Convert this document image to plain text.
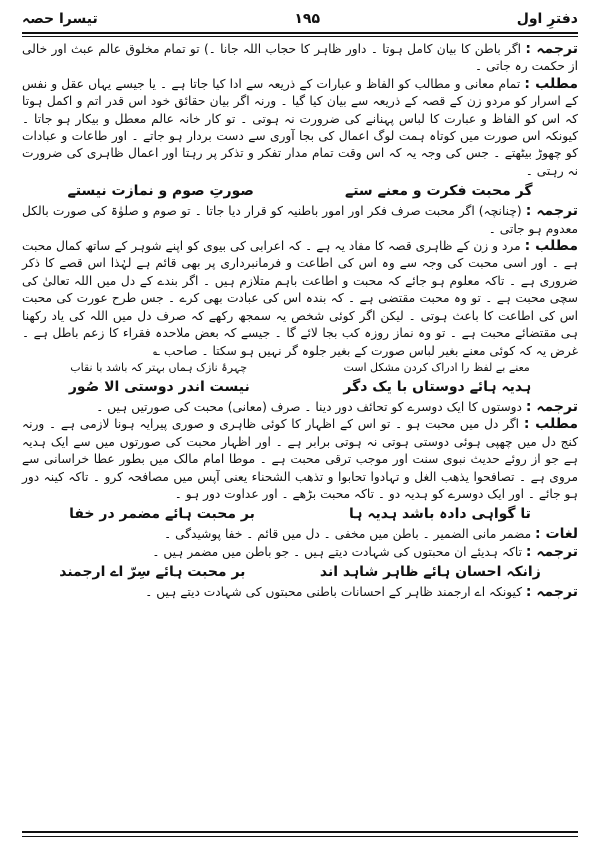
دفترِ اول
۱۹۵
تیسرا حصہ

ترجمہ : اگر باطن کا بیان کامل ہوتا ۔ داور ظاہر کا حجاب اللہ جانا ۔) تو تمام مخلوق عالم عبث اور خالی از حکمت رہ جاتی ۔

مطلب : تمام معانی و مطالب کو الفاظ و عبارات کے ذریعہ سے ادا کیا جاتا ہے ۔ یا جیسے یہاں عقل و نفس کے اسرار کو مردو زن کے قصہ کے ذریعہ سے بیان کیا گیا ۔ ورنہ اگر بیان حقائق خود اس قدر اتم و اکمل ہوتا کہ اس کو الفاظ و عبارت کا لباس پہنانے کی ضرورت نہ ہوتی ۔ تو کار خانہ عالم معطل و بیکار ہو جاتا ۔ کیونکہ اس صورت میں کوتاہ ہمت لوگ اعمال کی بجا آوری سے دست بردار ہو جاتے ۔ اور طاعات و عبادات کو چھوڑ بیٹھتے ۔ جس کی وجہ یہ کہ اس وقت تمام مدار تفکر و تذکر پر رہتا اور اعمال ظاہری کی ضرورت نہ رہتی ۔

گر محبت فکرت و معنے ستے
صورتِ صوم و نمازت نیستے

ترجمہ : (چنانچہ) اگر محبت صرف فکر اور امور باطنیہ کو قرار دیا جاتا ۔ تو صوم و صلوٰۃ کی صورت بالکل معدوم ہو جاتی ۔

مطلب : مرد و زن کے ظاہری قصہ کا مفاد یہ ہے ۔ کہ اعرابی کی بیوی کو اپنے شوہر کے ساتھ کمال محبت ہے ۔ اور اسی محبت کی وجہ سے وہ اس کی اطاعت و فرمانبرداری پر بھی قائم ہے لہٰذا اس قصے کا ذکر ضروری ہے ۔ تاکہ معلوم ہو جائے کہ محبت و اطاعت باہم متلازم ہیں ۔ اگر بندے کے دل میں اللہ تعالیٰ کی سچی محبت ہے ۔ تو وہ محبت مقتضی ہے ۔ کہ بندہ اس کی عبادت بھی کرے ۔ جس طرح عورت کی محبت اس کی اطاعت کا باعث ہوتی ۔ لیکن اگر کوئی شخص یہ سمجھ رکھے کہ صرف دل میں اللہ کی یاد رکھنا ہی مقتضائے محبت ہے ۔ تو وہ نماز روزہ کب بجا لائے گا ۔ جیسے کہ بعض ملاحدہ فقراء کا زعم باطل ہے ۔ غرض یہ کہ کوئی معنے بغیر لباس صورت کے بغیر جلوہ گر نہیں ہو سکتا ۔ صاحب ؎

معنے بے لفظ را ادراک کردن مشکل است
چہرۂ نازک ہماں بہتر کہ باشد با نقاب
ہدیہ ہائے دوستاں با یک دگر
نیست اندر دوستی الا صُور

ترجمہ : دوستوں کا ایک دوسرے کو تحائف دور دینا ۔ صرف (معانی) محبت کی صورتیں ہیں ۔

مطلب : اگر دل میں محبت ہو ۔ تو اس کے اظہار کا کوئی ظاہری و صوری پیرایہ ہونا لازمی ہے ۔ ورنہ کنج دل میں چھپی ہوئی دوستی ہوتی نہ ہوتی برابر ہے ۔ اور اظہار محبت کی صورتوں میں سے ایک ہدیہ ہے جو از روئے حدیث نبوی سنت اور موجب ترقی محبت ہے ۔ موطا امام مالک میں بطور عطا خراسانی سے مروی ہے ۔ تصافحوا یذھب الغل و تہادوا تحابوا و تذھب الشحناء یعنی آپس میں مصافحہ کرو ۔ تاکہ کینہ دور ہو جائے ۔ اور ایک دوسرے کو ہدیہ دو ۔ تاکہ محبت بڑھے ۔ اور عداوت دور ہو ۔

تا گواہی دادہ باشد ہدیہ ہا
بر محبت ہائے مضمر در خفا

لغات : مضمر مانی الضمیر ۔ باطن میں مخفی ۔ دل میں قائم ۔ خفا پوشیدگی ۔

ترجمہ : تاکہ ہدیئے ان محبتوں کی شہادت دیتے ہیں ۔ جو باطن میں مضمر ہیں ۔

زانکہ احسان ہائے ظاہر شاہد اند
بر محبت ہائے سِرّ اے ارجمند

ترجمہ : کیونکہ اے ارجمند ظاہر کے احسانات باطنی محبتوں کی شہادت دیتے ہیں ۔
